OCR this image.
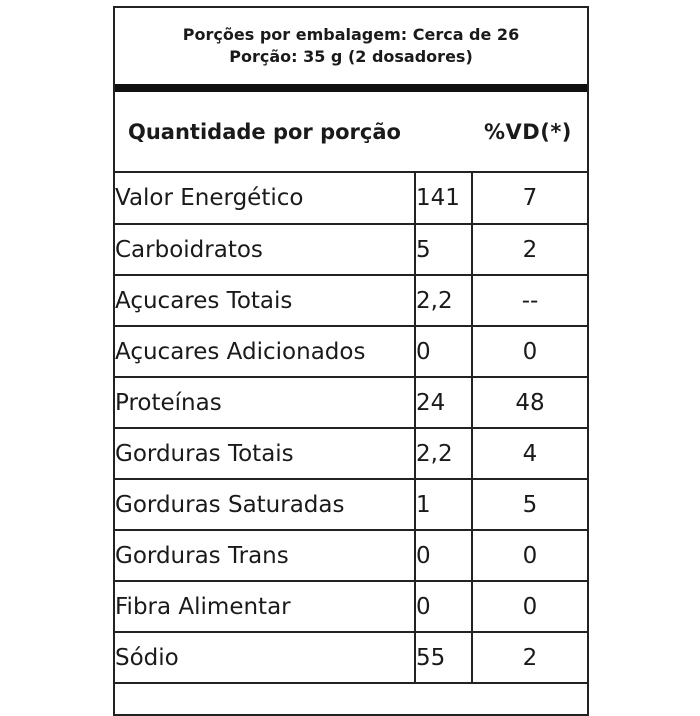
Porções por embalagem: Cerca de 26
Porção: 35 g (2 dosadores)
Quantidade por porção	%VD(*)
Valor Energético	141	7
Carboidratos	5	2
Açucares Totais	2,2	--
Açucares Adicionados	0	0
Proteínas	24	48
Gorduras Totais	2,2	4
Gorduras Saturadas	1	5
Gorduras Trans	0	0
Fibra Alimentar	0	0
Sódio	55	2
